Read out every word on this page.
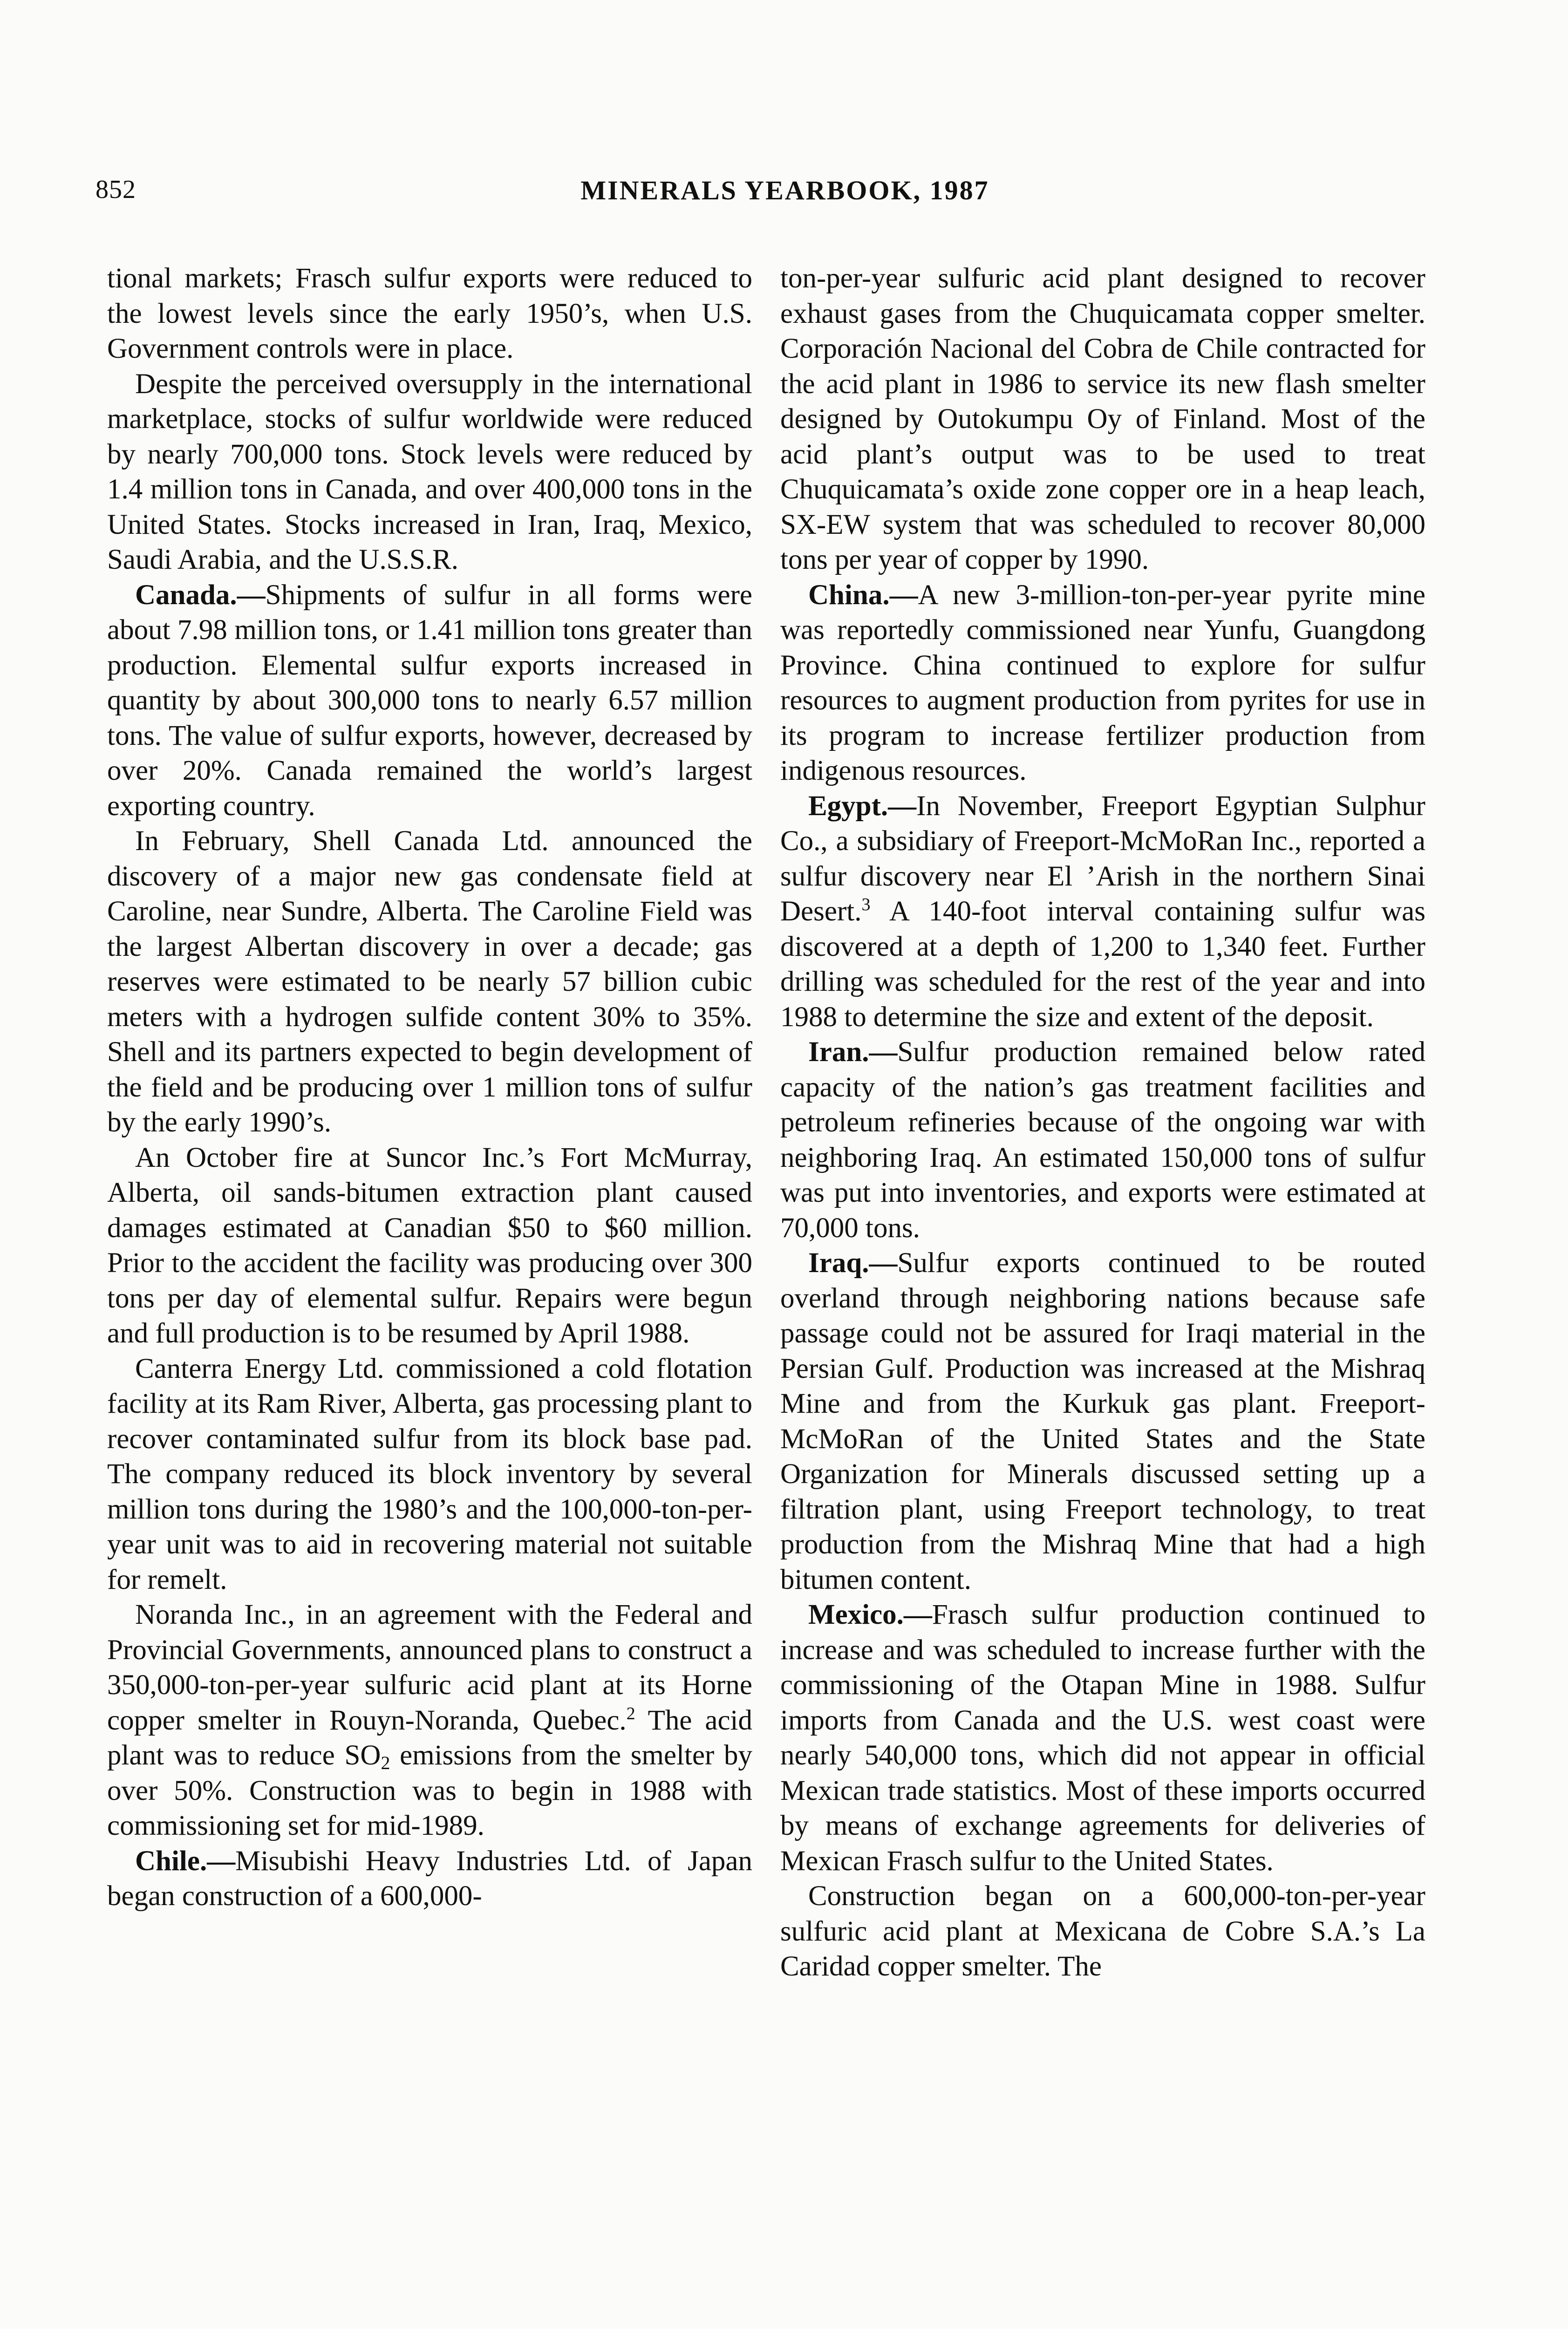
852	MINERALS YEARBOOK, 1987

tional markets; Frasch sulfur exports were reduced to the lowest levels since the early 1950’s, when U.S. Government controls were in place.

Despite the perceived oversupply in the international marketplace, stocks of sulfur worldwide were reduced by nearly 700,000 tons. Stock levels were reduced by 1.4 million tons in Canada, and over 400,000 tons in the United States. Stocks increased in Iran, Iraq, Mexico, Saudi Arabia, and the U.S.S.R.

Canada.—Shipments of sulfur in all forms were about 7.98 million tons, or 1.41 million tons greater than production. Elemental sulfur exports increased in quantity by about 300,000 tons to nearly 6.57 million tons. The value of sulfur exports, however, decreased by over 20%. Canada remained the world’s largest exporting country.

In February, Shell Canada Ltd. announced the discovery of a major new gas condensate field at Caroline, near Sundre, Alberta. The Caroline Field was the largest Albertan discovery in over a decade; gas reserves were estimated to be nearly 57 billion cubic meters with a hydrogen sulfide content 30% to 35%. Shell and its partners expected to begin development of the field and be producing over 1 million tons of sulfur by the early 1990’s.

An October fire at Suncor Inc.’s Fort McMurray, Alberta, oil sands-bitumen extraction plant caused damages estimated at Canadian $50 to $60 million. Prior to the accident the facility was producing over 300 tons per day of elemental sulfur. Repairs were begun and full production is to be resumed by April 1988.

Canterra Energy Ltd. commissioned a cold flotation facility at its Ram River, Alberta, gas processing plant to recover contaminated sulfur from its block base pad. The company reduced its block inventory by several million tons during the 1980’s and the 100,000-ton-per-year unit was to aid in recovering material not suitable for remelt.

Noranda Inc., in an agreement with the Federal and Provincial Governments, announced plans to construct a 350,000-ton-per-year sulfuric acid plant at its Horne copper smelter in Rouyn-Noranda, Quebec.$^2$ The acid plant was to reduce $SO_2$ emissions from the smelter by over 50%. Construction was to begin in 1988 with commissioning set for mid-1989.

Chile.—Misubishi Heavy Industries Ltd. of Japan began construction of a 600,000-

ton-per-year sulfuric acid plant designed to recover exhaust gases from the Chuquicamata copper smelter. Corporación Nacional del Cobra de Chile contracted for the acid plant in 1986 to service its new flash smelter designed by Outokumpu Oy of Finland. Most of the acid plant’s output was to be used to treat Chuquicamata’s oxide zone copper ore in a heap leach, SX-EW system that was scheduled to recover 80,000 tons per year of copper by 1990.

China.—A new 3-million-ton-per-year pyrite mine was reportedly commissioned near Yunfu, Guangdong Province. China continued to explore for sulfur resources to augment production from pyrites for use in its program to increase fertilizer production from indigenous resources.

Egypt.—In November, Freeport Egyptian Sulphur Co., a subsidiary of Freeport-McMoRan Inc., reported a sulfur discovery near El ’Arish in the northern Sinai Desert.$^3$ A 140-foot interval containing sulfur was discovered at a depth of 1,200 to 1,340 feet. Further drilling was scheduled for the rest of the year and into 1988 to determine the size and extent of the deposit.

Iran.—Sulfur production remained below rated capacity of the nation’s gas treatment facilities and petroleum refineries because of the ongoing war with neighboring Iraq. An estimated 150,000 tons of sulfur was put into inventories, and exports were estimated at 70,000 tons.

Iraq.—Sulfur exports continued to be routed overland through neighboring nations because safe passage could not be assured for Iraqi material in the Persian Gulf. Production was increased at the Mishraq Mine and from the Kurkuk gas plant. Freeport-McMoRan of the United States and the State Organization for Minerals discussed setting up a filtration plant, using Freeport technology, to treat production from the Mishraq Mine that had a high bitumen content.

Mexico.—Frasch sulfur production continued to increase and was scheduled to increase further with the commissioning of the Otapan Mine in 1988. Sulfur imports from Canada and the U.S. west coast were nearly 540,000 tons, which did not appear in official Mexican trade statistics. Most of these imports occurred by means of exchange agreements for deliveries of Mexican Frasch sulfur to the United States.

Construction began on a 600,000-ton-per-year sulfuric acid plant at Mexicana de Cobre S.A.’s La Caridad copper smelter. The
